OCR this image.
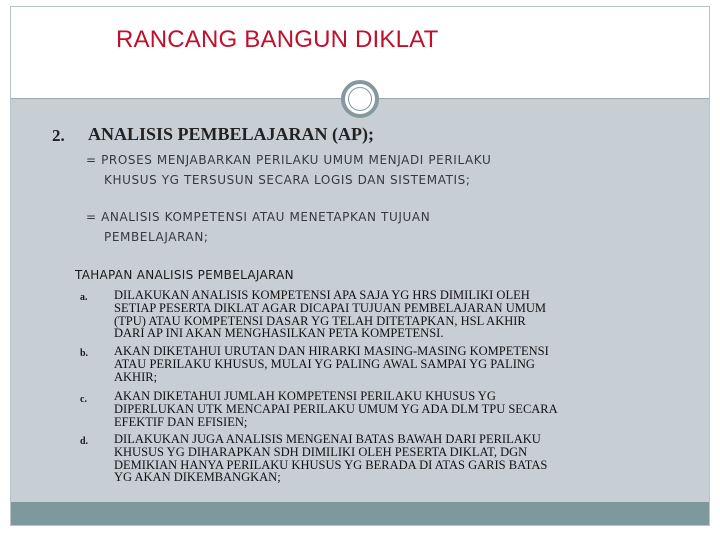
RANCANG BANGUN DIKLAT
2. ANALISIS PEMBELAJARAN (AP);
= PROSES MENJABARKAN PERILAKU UMUM MENJADI PERILAKU
KHUSUS YG TERSUSUN SECARA LOGIS DAN SISTEMATIS;
= ANALISIS KOMPETENSI ATAU MENETAPKAN TUJUAN
PEMBELAJARAN;
TAHAPAN ANALISIS PEMBELAJARAN
a. DILAKUKAN ANALISIS KOMPETENSI APA SAJA YG HRS DIMILIKI OLEH
SETIAP PESERTA DIKLAT AGAR DICAPAI TUJUAN PEMBELAJARAN UMUM
(TPU) ATAU KOMPETENSI DASAR YG TELAH DITETAPKAN, HSL AKHIR
DARI AP INI AKAN MENGHASILKAN PETA KOMPETENSI.
b. AKAN DIKETAHUI URUTAN DAN HIRARKI MASING-MASING KOMPETENSI
ATAU PERILAKU KHUSUS, MULAI YG PALING AWAL SAMPAI YG PALING
AKHIR;
c. AKAN DIKETAHUI JUMLAH KOMPETENSI PERILAKU KHUSUS YG
DIPERLUKAN UTK MENCAPAI PERILAKU UMUM YG ADA DLM TPU SECARA
EFEKTIF DAN EFISIEN;
d. DILAKUKAN JUGA ANALISIS MENGENAI BATAS BAWAH DARI PERILAKU
KHUSUS YG DIHARAPKAN SDH DIMILIKI OLEH PESERTA DIKLAT, DGN
DEMIKIAN HANYA PERILAKU KHUSUS YG BERADA DI ATAS GARIS BATAS
YG AKAN DIKEMBANGKAN;
